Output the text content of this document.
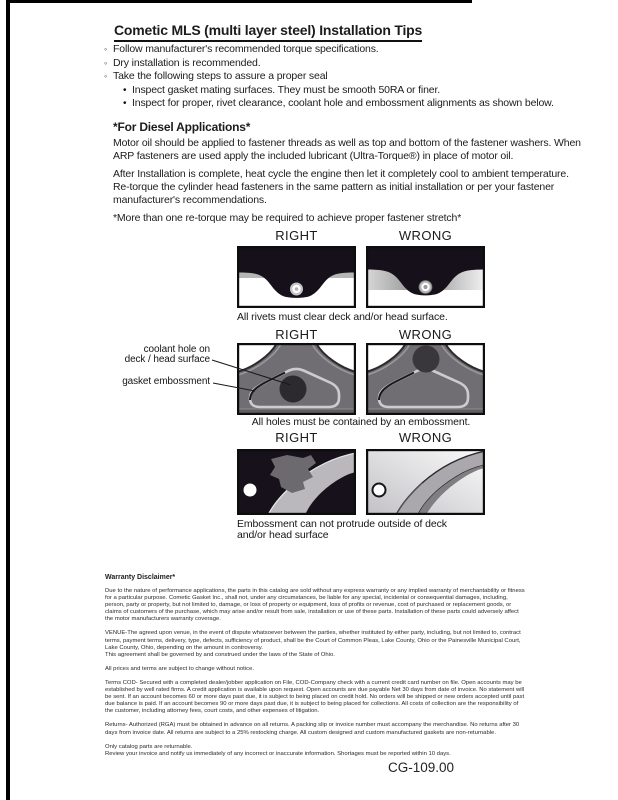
Cometic MLS (multi layer steel) Installation Tips
◦ Follow manufacturer's recommended torque specifications.
◦ Dry installation is recommended.
◦ Take the following steps to assure a proper seal
• Inspect gasket mating surfaces. They must be smooth 50RA or finer.
• Inspect for proper, rivet clearance, coolant hole and embossment alignments as shown below.
*For Diesel Applications*
Motor oil should be applied to fastener threads as well as top and bottom of the fastener washers. When ARP fasteners are used apply the included lubricant (Ultra-Torque®) in place of motor oil.
After Installation is complete, heat cycle the engine then let it completely cool to ambient temperature. Re-torque the cylinder head fasteners in the same pattern as initial installation or per your fastener manufacturer's recommendations.
*More than one re-torque may be required to achieve proper fastener stretch*
RIGHT	WRONG
All rivets must clear deck and/or head surface.
RIGHT	WRONG
coolant hole on
deck / head surface
gasket embossment
All holes must be contained by an embossment.
RIGHT	WRONG
Embossment can not protrude outside of deck
and/or head surface
Warranty Disclaimer*

Due to the nature of performance applications, the parts in this catalog are sold without any express warranty or any implied warranty of merchantability or fitness for a particular purpose. Cometic Gasket Inc., shall not, under any circumstances, be liable for any special, incidental or consequential damages, including, person, party or property, but not limited to, damage, or loss of property or equipment, loss of profits or revenue, cost of purchased or replacement goods, or claims of customers of the purchase, which may arise and/or result from sale, installation or use of these parts. Installation of these parts could adversely affect the motor manufacturers warranty coverage.

VENUE-The agreed upon venue, in the event of dispute whatsoever between the parties, whether instituted by either party, including, but not limited to, contract terms, payment terms, delivery, type, defects, sufficiency of product, shall be the Court of Common Pleas, Lake County, Ohio or the Painesville Municipal Court, Lake County, Ohio, depending on the amount in controversy.

This agreement shall be governed by and construed under the laws of the State of Ohio.

All prices and terms are subject to change without notice.

Terms COD- Secured with a completed dealer/jobber application on File, COD-Company check with a current credit card number on file. Open accounts may be established by well rated firms. A credit application is available upon request. Open accounts are due payable Net 30 days from date of invoice. No statement will be sent. If an account becomes 60 or more days past due, it is subject to being placed on credit hold. No orders will be shipped or new orders accepted until past due balance is paid. If an account becomes 90 or more days past due, it is subject to being placed for collections. All costs of collection are the responsibility of the customer, including attorney fees, court costs, and other expenses of litigation.

Returns- Authorized (RGA) must be obtained in advance on all returns. A packing slip or invoice number must accompany the merchandise. No returns after 30 days from invoice date. All returns are subject to a 25% restocking charge. All custom designed and custom manufactured gaskets are non-returnable.

Only catalog parts are returnable.

Review your invoice and notify us immediately of any incorrect or inaccurate information. Shortages must be reported within 10 days.

CG-109.00
